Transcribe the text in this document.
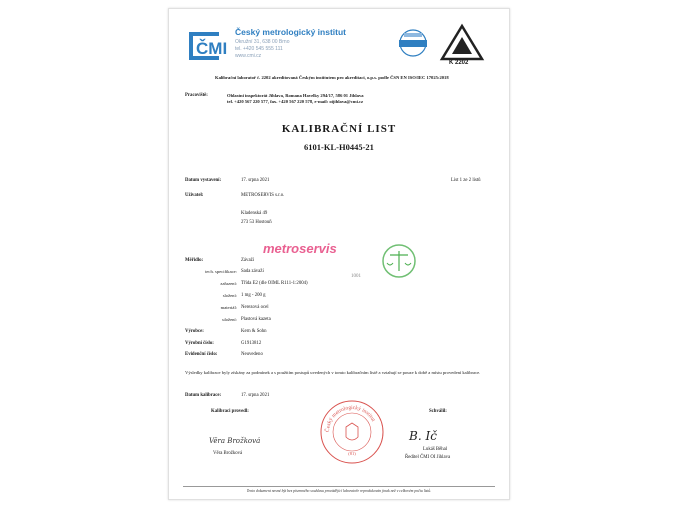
ČMI
Český metrologický institut
Okružní 31, 638 00 Brno
tel. +420 545 555 111
www.cmi.cz
K 2202
Kalibrační laboratoř č. 2202 akreditovaná Českým institutem pro akreditaci, o.p.s. podle ČSN EN ISO/IEC 17025:2018
Pracoviště:	Oblastní inspektorát Jihlava, Romana Havelky 294/17, 586 01 Jihlava
tel. +420 567 220 577, fax. +420 567 220 578, e-mail: oijihlava@cmi.cz
KALIBRAČNÍ LIST
6101-KL-H0445-21
Datum vystavení:	17. srpna 2021	List 1 ze 2 listů
Uživatel:	METROSERVIS s.r.o.
Kladenská 49
273 53 Hostouň
metroservis
1001
Měřidlo:	Závaží
tech. specifikace: Sada závaží
zařazení: Třída E2 (dle OIML R111-1:2004)
složení: 1 mg - 200 g
materiál: Nerezová ocel
uložení: Plastová kazeta
Výrobce:	Kern & Sohn
Výrobní číslo:	G1913812
Evidenční číslo:	Neuvedeno
Výsledky kalibrace byly získány za podmínek a s použitím postupů uvedených v tomto kalibračním listě a vztahují se pouze k době a místu provedení kalibrace.
Datum kalibrace:	17. srpna 2021
Kalibraci provedl:
Věra Brožková
Věra Brožková
Český metrologický institut
(81)
Schválil:
B. Ič
Lukáš Běhal
Ředitel ČMI OI Jihlava
Tento dokument nesmí být bez písemného souhlasu provádějící laboratoře reprodukován jinak než v celkovém počtu listů.
